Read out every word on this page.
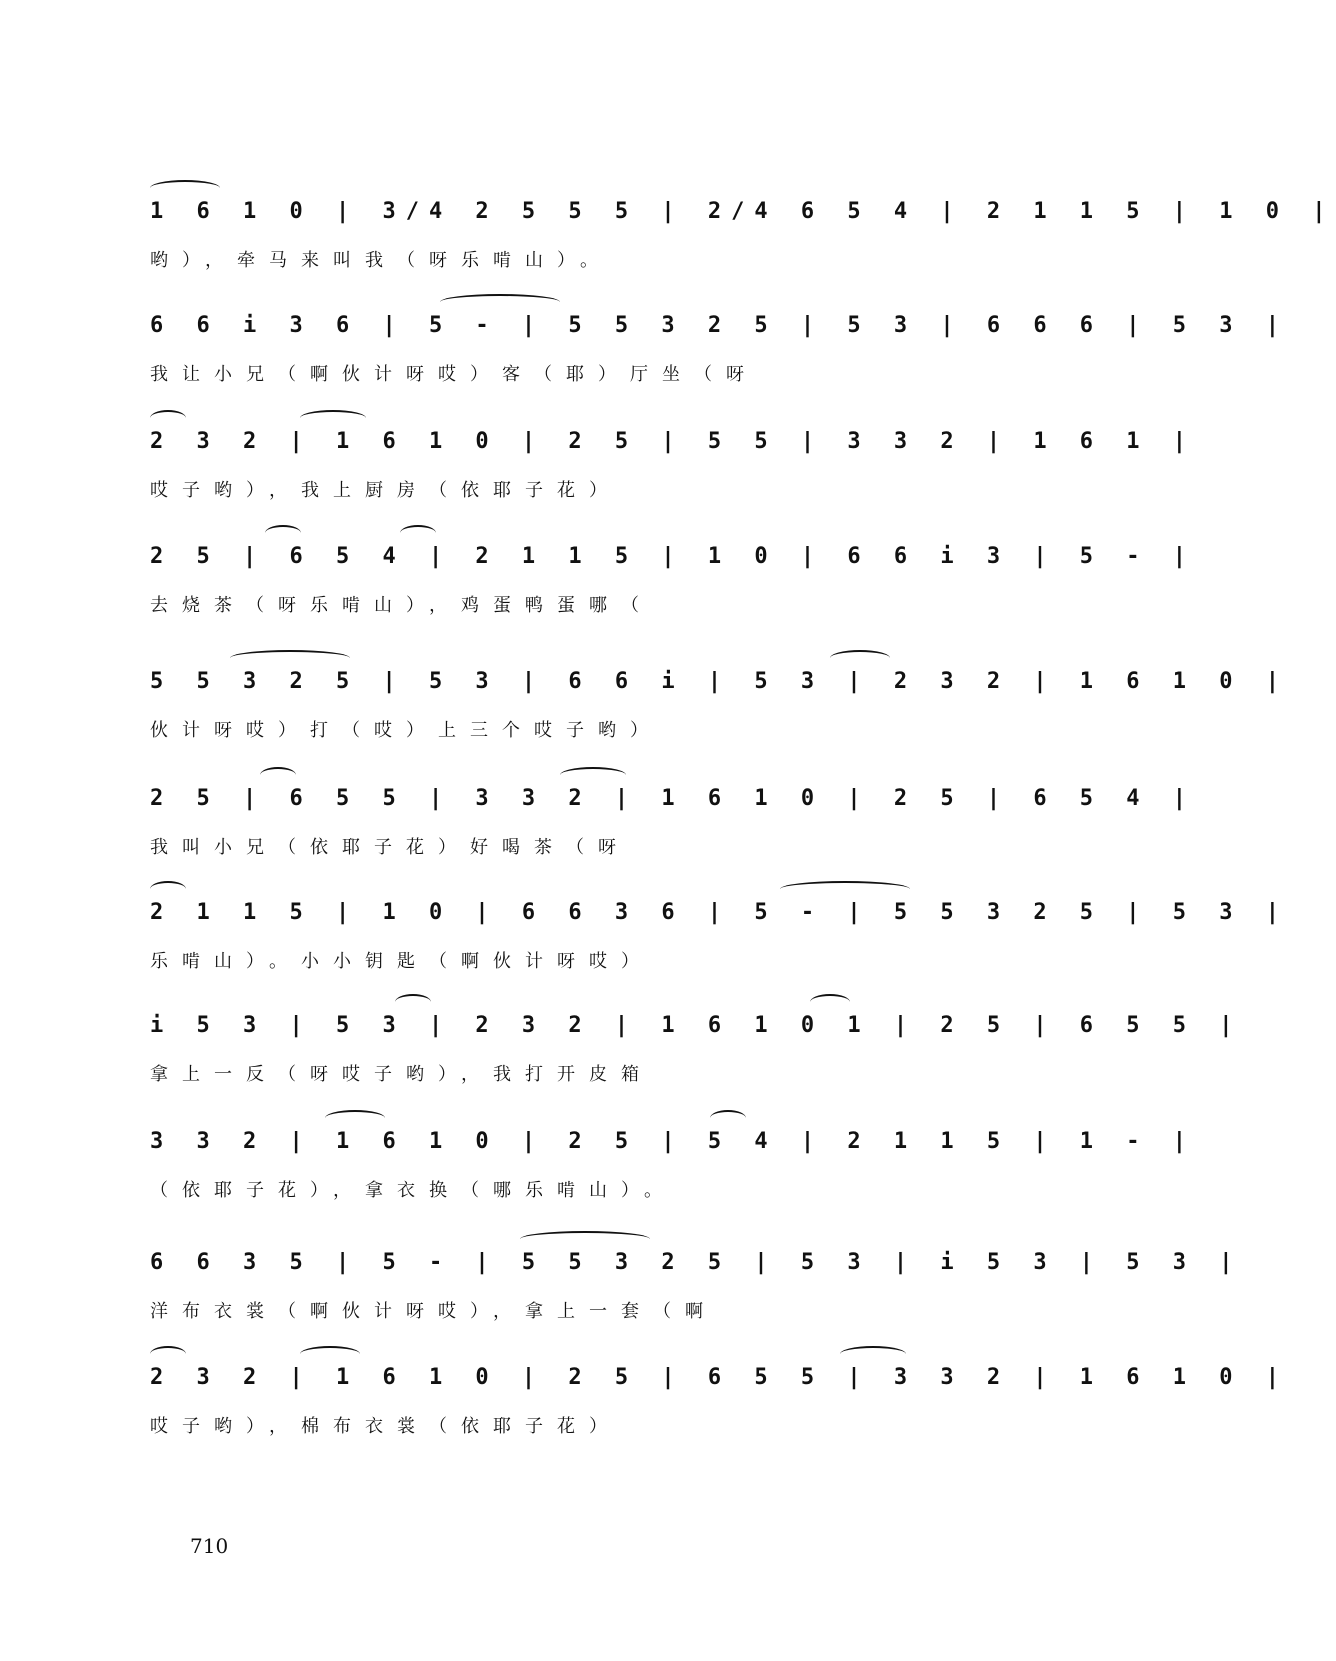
1 6 1 0 | 3/4 2 5 5 5 | 2/4 6 5 4 | 2 1 1 5 | 1 0 |
哟），牵马来叫我（呀乐啃山）。
6 6 i 3 6 | 5 - | 5 5 3 2 5 | 5 3 | 6 6 6 | 5 3 |
我让小兄（啊伙计呀哎）客（耶）厅坐（呀
2 3 2 | 1 6 1 0 | 2 5 | 5 5 | 3 3 2 | 1 6 1 |
哎子哟），我上厨房（依耶子花）
2 5 | 6 5 4 | 2 1 1 5 | 1 0 | 6 6 i 3 | 5 - |
去烧茶（呀乐啃山），鸡蛋鸭蛋哪（
5 5 3 2 5 | 5 3 | 6 6 i | 5 3 | 2 3 2 | 1 6 1 0 |
伙计呀哎）打（哎）上三个哎子哟）
2 5 | 6 5 5 | 3 3 2 | 1 6 1 0 | 2 5 | 6 5 4 |
我叫小兄（依耶子花）好喝茶（呀
2 1 1 5 | 1 0 | 6 6 3 6 | 5 - | 5 5 3 2 5 | 5 3 |
乐啃山）。小小钥匙（啊伙计呀哎）
i 5 3 | 5 3 | 2 3 2 | 1 6 1 0 1 | 2 5 | 6 5 5 |
拿上一反（呀哎子哟），我打开皮箱
3 3 2 | 1 6 1 0 | 2 5 | 5 4 | 2 1 1 5 | 1 - |
（依耶子花），拿衣换（哪乐啃山）。
6 6 3 5 | 5 - | 5 5 3 2 5 | 5 3 | i 5 3 | 5 3 |
洋布衣裳（啊伙计呀哎），拿上一套（啊
2 3 2 | 1 6 1 0 | 2 5 | 6 5 5 | 3 3 2 | 1 6 1 0 |
哎子哟），棉布衣裳（依耶子花）
710
